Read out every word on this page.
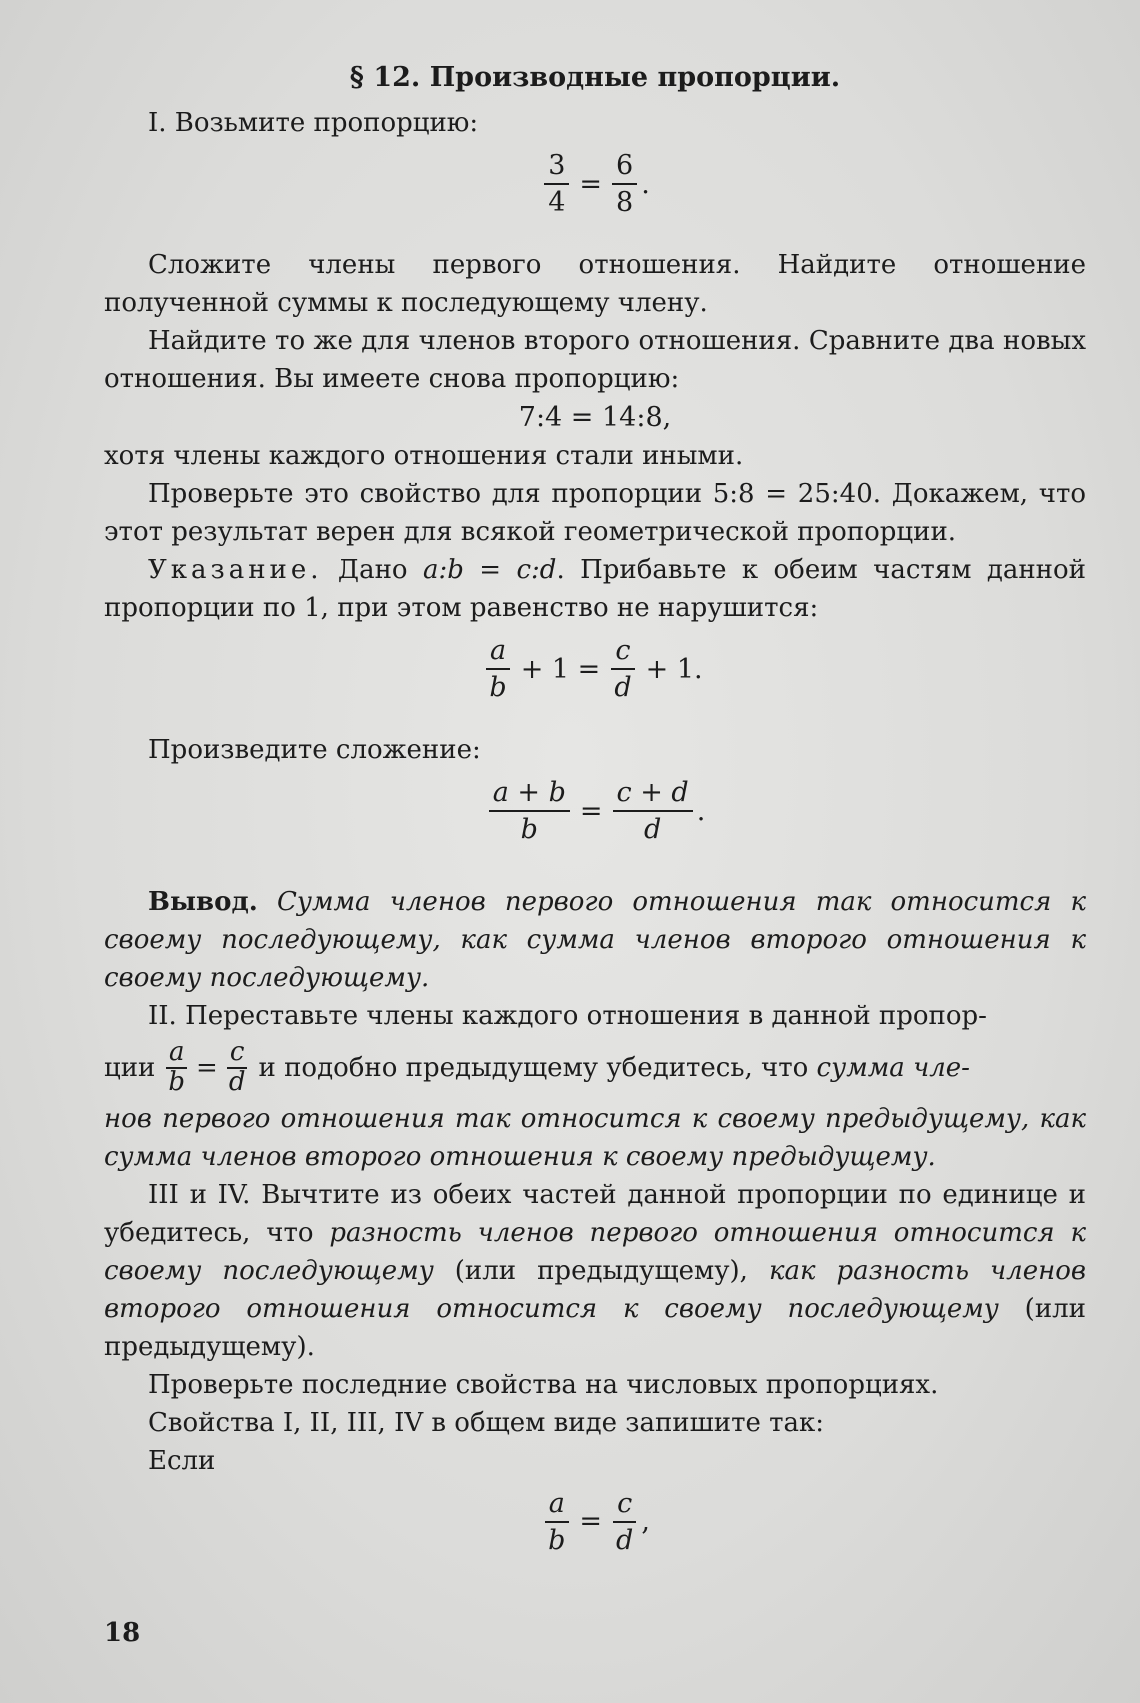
§ 12. Производные пропорции.

I. Возьмите пропорцию:

$\frac{3}{4} = \frac{6}{8}$ .

Сложите члены первого отношения. Найдите отношение полученной суммы к последующему члену.

Найдите то же для членов второго отношения. Сравните два новых отношения. Вы имеете снова пропорцию:

7:4 = 14:8,

хотя члены каждого отношения стали иными.

Проверьте это свойство для пропорции 5:8 = 25:40. Докажем, что этот результат верен для всякой геометрической пропорции.

Указание. Дано a:b = c:d. Прибавьте к обеим частям данной пропорции по 1, при этом равенство не нарушится:

$\frac{a}{b} + 1 = \frac{c}{d} + 1$.

Произведите сложение:

$\frac{a + b}{b} = \frac{c + d}{d}$ .

Вывод. Сумма членов первого отношения так относится к своему последующему, как сумма членов второго отношения к своему последующему.

II. Переставьте члены каждого отношения в данной пропор-

ции $\frac{a}{b} = \frac{c}{d}$ и подобно предыдущему убедитесь, что сумма чле-

нов первого отношения так относится к своему предыдущему, как сумма членов второго отношения к своему предыдущему.

III и IV. Вычтите из обеих частей данной пропорции по единице и убедитесь, что разность членов первого отношения относится к своему последующему (или предыдущему), как разность членов второго отношения относится к своему последующему (или предыдущему).

Проверьте последние свойства на числовых пропорциях.

Свойства I, II, III, IV в общем виде запишите так:

Если

$\frac{a}{b} = \frac{c}{d}$ ,
18
